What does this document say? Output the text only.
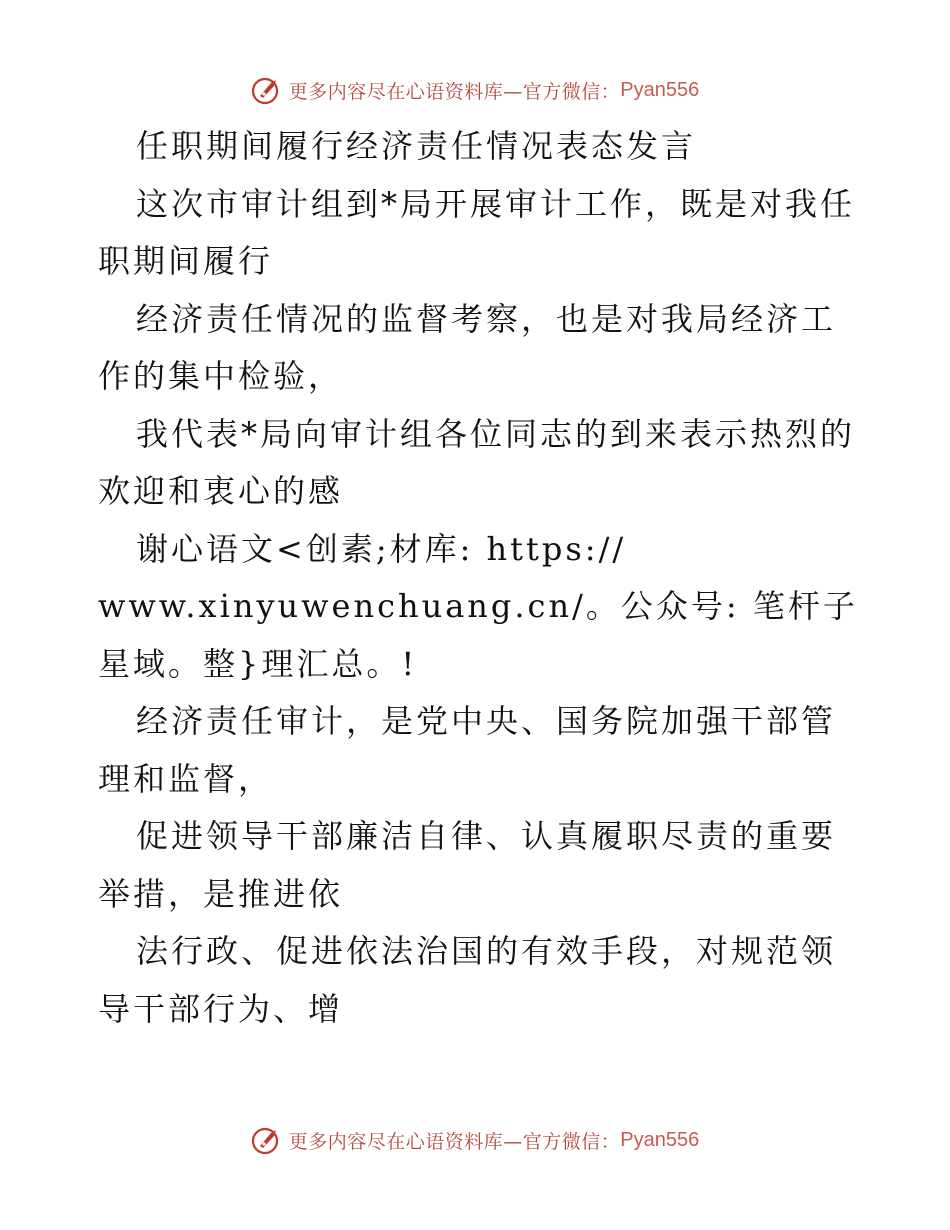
更多内容尽在心语资料库—官方微信： Pyan556

任职期间履行经济责任情况表态发言

这次市审计组到*局开展审计工作，既是对我任职期间履行

经济责任情况的监督考察，也是对我局经济工作的集中检验，

我代表*局向审计组各位同志的到来表示热烈的欢迎和衷心的感

谢心语文<创素;材库: https://

www.xinyuwenchuang.cn/。公众号: 笔杆子星域。整}理汇总。!

经济责任审计，是党中央、国务院加强干部管理和监督，

促进领导干部廉洁自律、认真履职尽责的重要举措，是推进依

法行政、促进依法治国的有效手段，对规范领导干部行为、增

更多内容尽在心语资料库—官方微信： Pyan556
